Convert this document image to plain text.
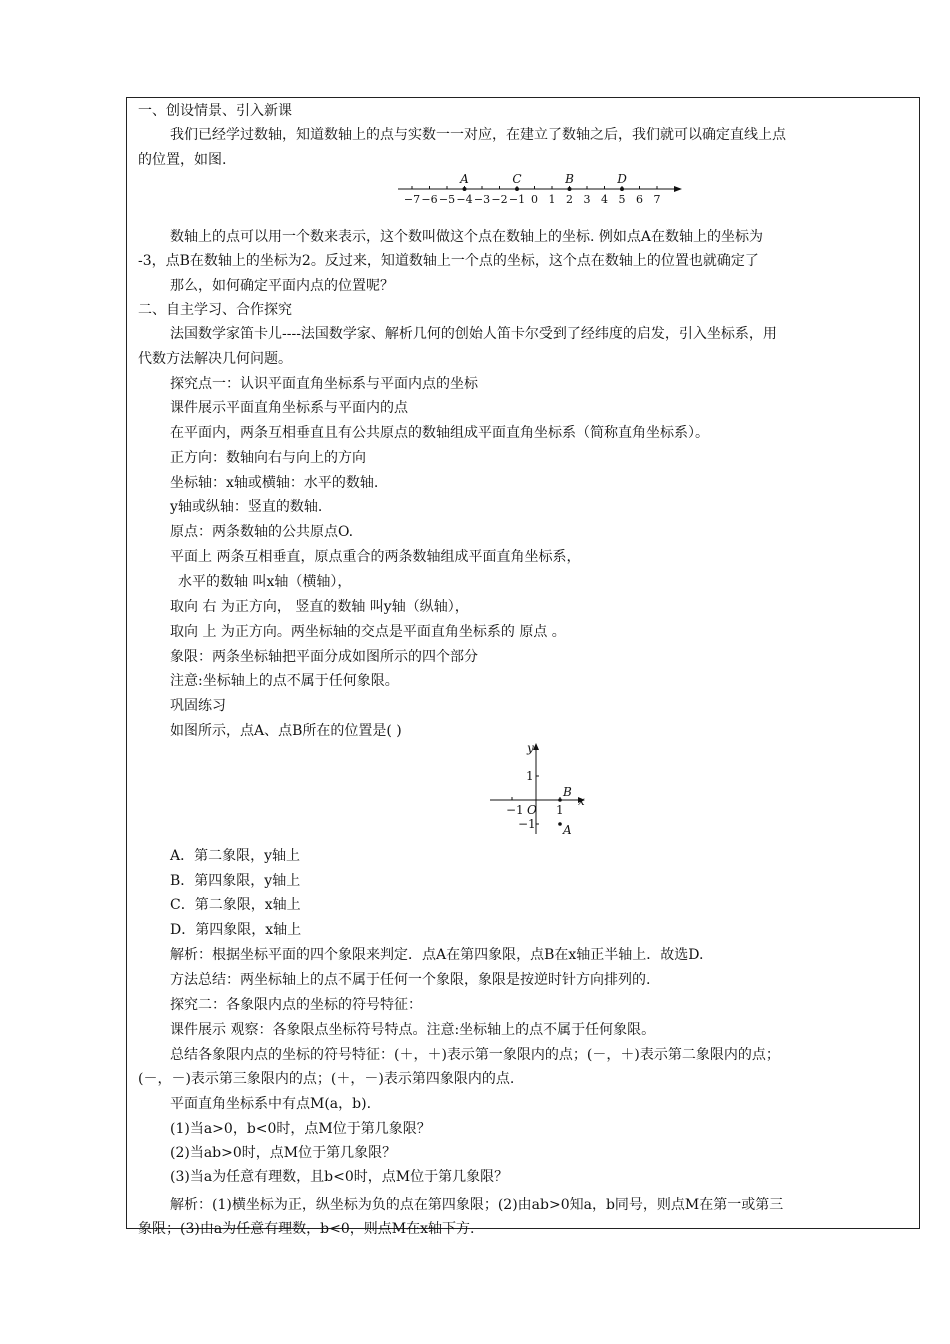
一、创设情景、引入新课
我们已经学过数轴，知道数轴上的点与实数一一对应，在建立了数轴之后，我们就可以确定直线上点
的位置，如图.
−7 −6 −5 −4 −3 −2 −1 0 1 2 3 4 5 6 7
A	C	B	D
数轴上的点可以用一个数来表示，这个数叫做这个点在数轴上的坐标. 例如点A在数轴上的坐标为
-3，点B在数轴上的坐标为2。反过来，知道数轴上一个点的坐标，这个点在数轴上的位置也就确定了
那么，如何确定平面内点的位置呢？
二、自主学习、合作探究
法国数学家笛卡儿----法国数学家、解析几何的创始人笛卡尔受到了经纬度的启发，引入坐标系，用
代数方法解决几何问题。
探究点一：认识平面直角坐标系与平面内点的坐标
课件展示平面直角坐标系与平面内的点
在平面内，两条互相垂直且有公共原点的数轴组成平面直角坐标系（简称直角坐标系）。
正方向：数轴向右与向上的方向
坐标轴：x轴或横轴：水平的数轴.
y轴或纵轴：竖直的数轴.
原点：两条数轴的公共原点O.
平面上 两条互相垂直，原点重合的两条数轴组成平面直角坐标系，
水平的数轴 叫x轴（横轴），
取向 右 为正方向， 竖直的数轴 叫y轴（纵轴），
取向 上 为正方向。两坐标轴的交点是平面直角坐标系的 原点 。
象限：两条坐标轴把平面分成如图所示的四个部分
注意:坐标轴上的点不属于任何象限。
巩固练习
如图所示，点A、点B所在的位置是( )
y
x
O
1
−1
−1	1
B
A
A．第二象限，y轴上
B．第四象限，y轴上
C．第二象限，x轴上
D．第四象限，x轴上
解析：根据坐标平面的四个象限来判定．点A在第四象限，点B在x轴正半轴上．故选D.
方法总结：两坐标轴上的点不属于任何一个象限，象限是按逆时针方向排列的.
探究二：各象限内点的坐标的符号特征：
课件展示 观察：各象限点坐标符号特点。注意:坐标轴上的点不属于任何象限。
总结各象限内点的坐标的符号特征：(＋，＋)表示第一象限内的点；(－，＋)表示第二象限内的点；
(－，－)表示第三象限内的点；(＋，－)表示第四象限内的点.
平面直角坐标系中有点M(a，b).
(1)当a>0，b<0时，点M位于第几象限？
(2)当ab>0时，点M位于第几象限？
(3)当a为任意有理数，且b<0时，点M位于第几象限？
解析：(1)横坐标为正，纵坐标为负的点在第四象限；(2)由ab>0知a，b同号，则点M在第一或第三
象限；(3)由a为任意有理数，b<0，则点M在x轴下方.
